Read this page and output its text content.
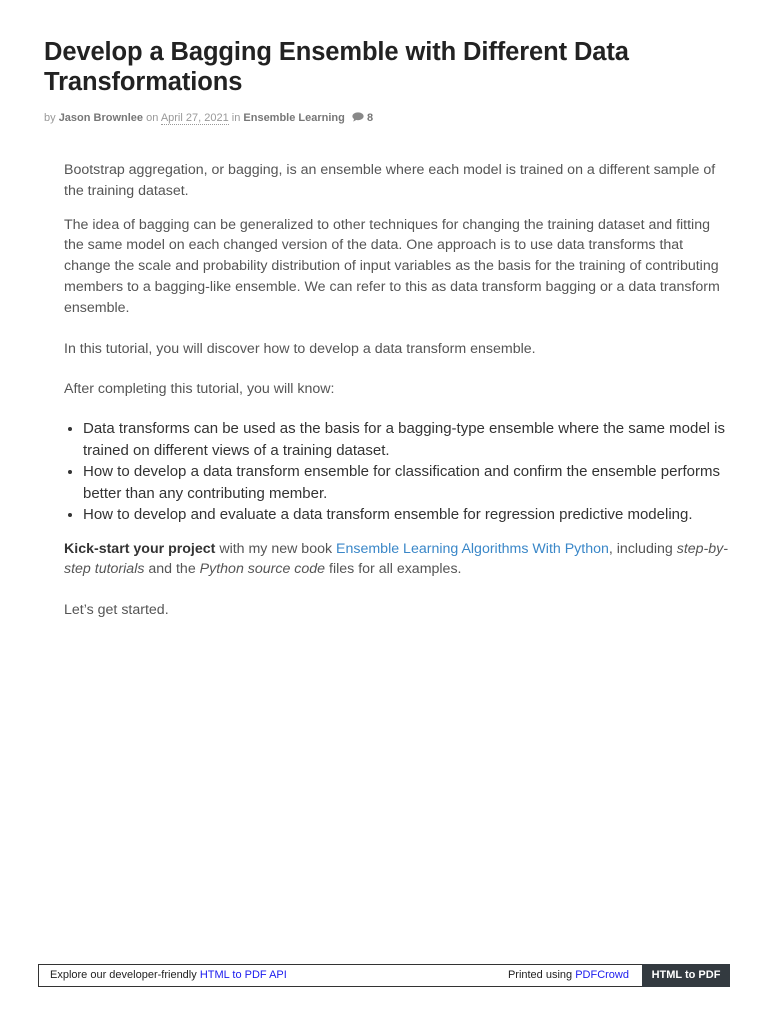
Develop a Bagging Ensemble with Different Data Transformations
by Jason Brownlee on April 27, 2021 in Ensemble Learning 8

Bootstrap aggregation, or bagging, is an ensemble where each model is trained on a different sample of the training dataset.

The idea of bagging can be generalized to other techniques for changing the training dataset and fitting the same model on each changed version of the data. One approach is to use data transforms that change the scale and probability distribution of input variables as the basis for the training of contributing members to a bagging-like ensemble. We can refer to this as data transform bagging or a data transform ensemble.

In this tutorial, you will discover how to develop a data transform ensemble.

After completing this tutorial, you will know:

• Data transforms can be used as the basis for a bagging-type ensemble where the same model is trained on different views of a training dataset.
• How to develop a data transform ensemble for classification and confirm the ensemble performs better than any contributing member.
• How to develop and evaluate a data transform ensemble for regression predictive modeling.

Kick-start your project with my new book Ensemble Learning Algorithms With Python, including step-by-step tutorials and the Python source code files for all examples.

Let’s get started.

Explore our developer-friendly HTML to PDF API	Printed using PDFCrowd	HTML to PDF
